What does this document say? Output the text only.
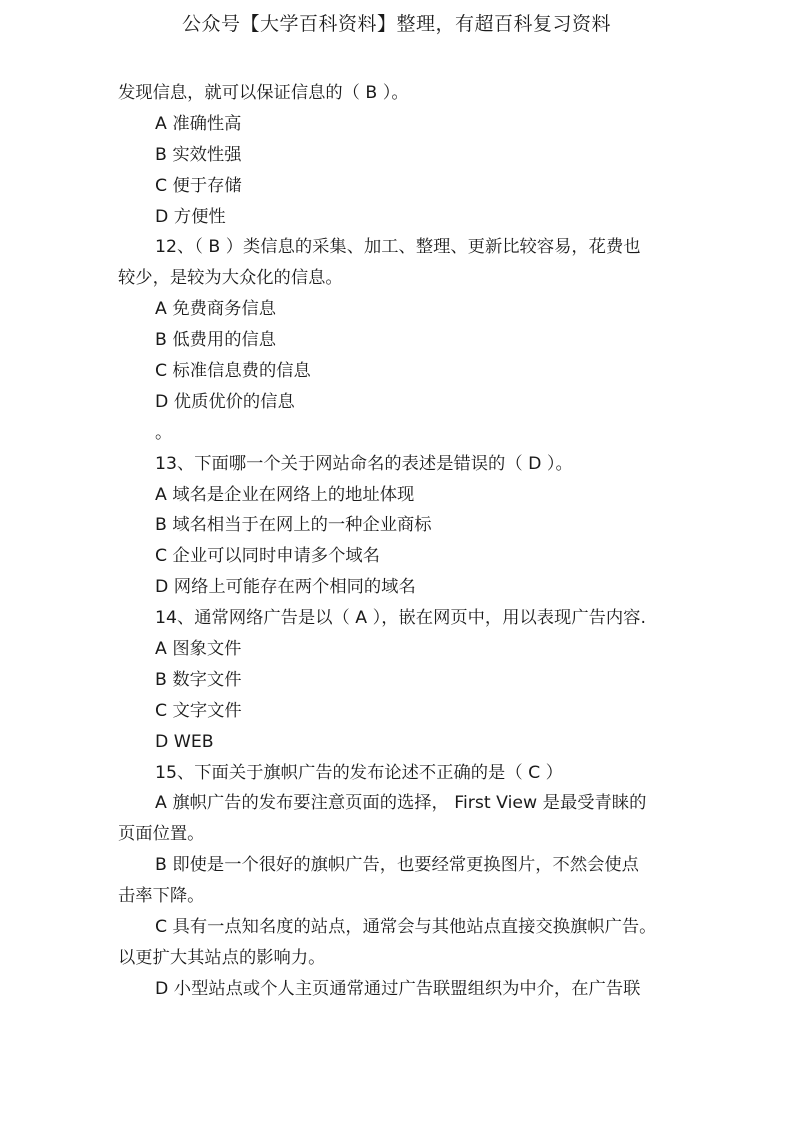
公众号【大学百科资料】整理，有超百科复习资料
发现信息，就可以保证信息的（ B ）。
A 准确性高
B 实效性强
C 便于存储
D 方便性
12、（ B ）类信息的采集、加工、整理、更新比较容易，花费也
较少，是较为大众化的信息。
A 免费商务信息
B 低费用的信息
C 标准信息费的信息
D 优质优价的信息
。
13、下面哪一个关于网站命名的表述是错误的（ D ）。
A 域名是企业在网络上的地址体现
B 域名相当于在网上的一种企业商标
C 企业可以同时申请多个域名
D 网络上可能存在两个相同的域名
14、通常网络广告是以（ A ），嵌在网页中，用以表现广告内容.
A 图象文件
B 数字文件
C 文字文件
D WEB
15、下面关于旗帜广告的发布论述不正确的是（ C ）
A 旗帜广告的发布要注意页面的选择， First View 是最受青睐的
页面位置。
B 即使是一个很好的旗帜广告，也要经常更换图片，不然会使点
击率下降。
C 具有一点知名度的站点，通常会与其他站点直接交换旗帜广告。
以更扩大其站点的影响力。
D 小型站点或个人主页通常通过广告联盟组织为中介，在广告联
